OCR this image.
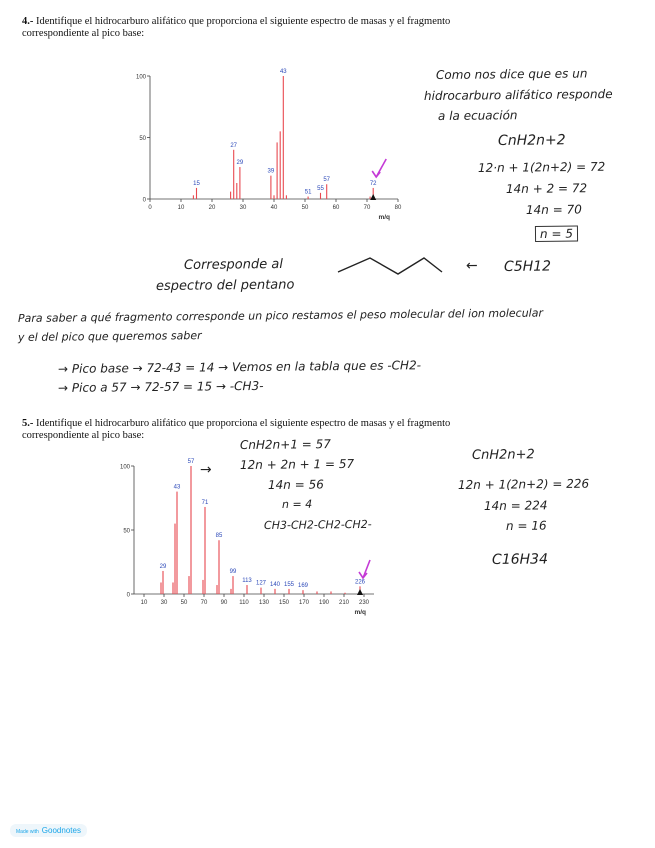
4.- Identifique el hidrocarburo alifático que proporciona el siguiente espectro de masas y el fragmento
correspondiente al pico base:
0
50
100
0	10	20	30	40	50	60	70	80
m/q
15
27
29
39
43
51
55
57
72
Como nos dice que es un
hidrocarburo alifático responde
a la ecuación
CnH2n+2
12·n + 1(2n+2) = 72
14n + 2 = 72
14n = 70
n = 5
Corresponde al
espectro del pentano
← C5H12
Para saber a qué fragmento corresponde un pico restamos el peso molecular del ion molecular
y el del pico que queremos saber
→ Pico base → 72-43 = 14 → Vemos en la tabla que es -CH2-
→ Pico a 57 → 72-57 = 15 → -CH3-
5.- Identifique el hidrocarburo alifático que proporciona el siguiente espectro de masas y el fragmento
correspondiente al pico base:
0
50
100
10 30 50 70 90 110 130 150 170 190 210 230
m/q
29
43
57
71
85
99
113 127 140 155 169
226
CnH2n+1 = 57
12n + 2n + 1 = 57
14n = 56
n = 4
CH3-CH2-CH2-CH2-
→
CnH2n+2
12n + 1(2n+2) = 226
14n = 224
n = 16
C16H34
Made with Goodnotes
